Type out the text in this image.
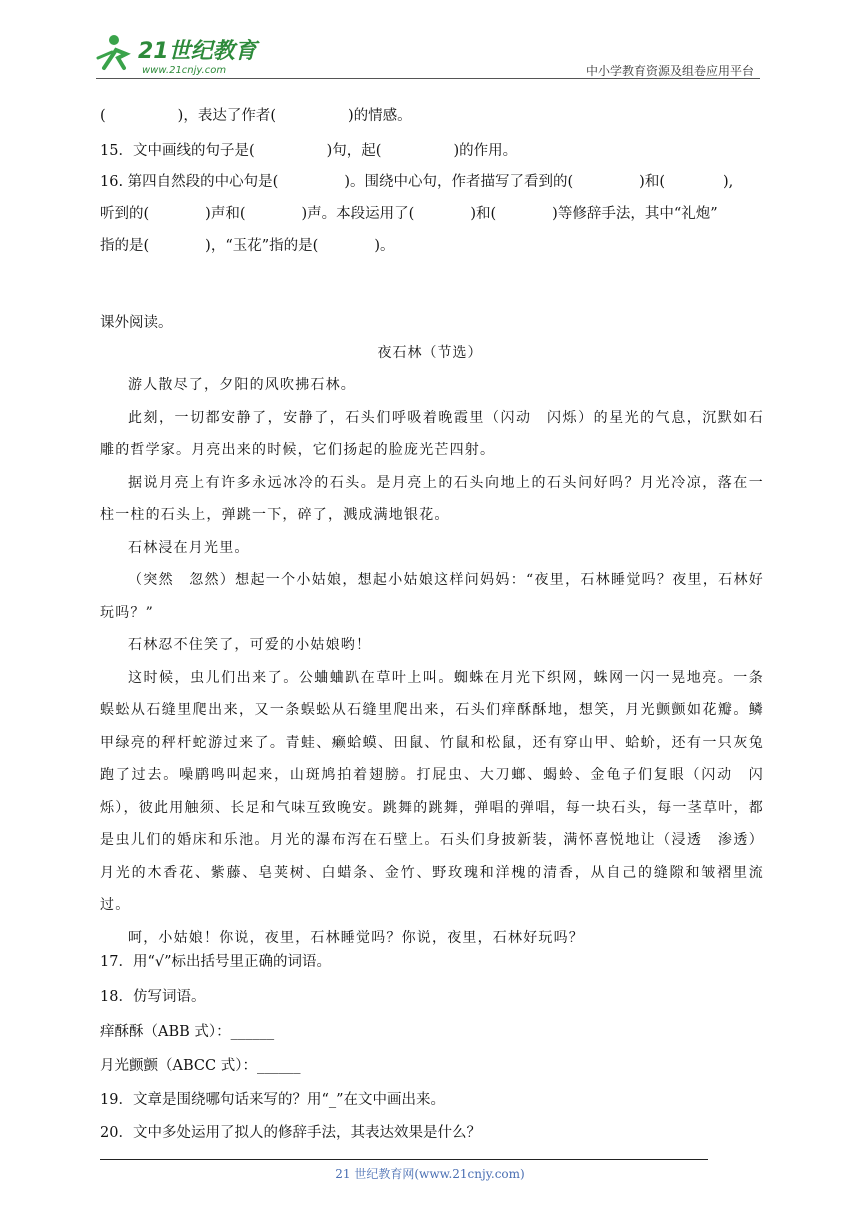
21世纪教育
www.21cnjy.com	中小学教育资源及组卷应用平台
(	)，表达了作者(	)的情感。
15．文中画线的句子是(	)句，起(	)的作用。
16. 第四自然段的中心句是(	)。围绕中心句，作者描写了看到的(	)和(	),
听到的(	)声和(	)声。本段运用了(	)和(	)等修辞手法，其中“礼炮”
指的是(	)，“玉花”指的是(	)。
课外阅读。
夜石林（节选）

游人散尽了，夕阳的风吹拂石林。

此刻，一切都安静了，安静了，石头们呼吸着晚霞里（闪动　闪烁）的星光的气息，沉默如石雕的哲学家。月亮出来的时候，它们扬起的脸庞光芒四射。

据说月亮上有许多永远冰冷的石头。是月亮上的石头向地上的石头问好吗？月光冷凉，落在一柱一柱的石头上，弹跳一下，碎了，溅成满地银花。

石林浸在月光里。

（突然　忽然）想起一个小姑娘，想起小姑娘这样问妈妈：“夜里，石林睡觉吗？夜里，石林好玩吗？”

石林忍不住笑了，可爱的小姑娘哟！

这时候，虫儿们出来了。公蛐蛐趴在草叶上叫。蜘蛛在月光下织网，蛛网一闪一晃地亮。一条蜈蚣从石缝里爬出来，又一条蜈蚣从石缝里爬出来，石头们痒酥酥地，想笑，月光颤颤如花瓣。鳞甲绿亮的秤杆蛇游过来了。青蛙、癞蛤蟆、田鼠、竹鼠和松鼠，还有穿山甲、蛤蚧，还有一只灰兔跑了过去。噪鹛鸣叫起来，山斑鸠拍着翅膀。打屁虫、大刀螂、蝎蛉、金龟子们复眼（闪动　闪烁），彼此用触须、长足和气味互致晚安。跳舞的跳舞，弹唱的弹唱，每一块石头，每一茎草叶，都是虫儿们的婚床和乐池。月光的瀑布泻在石壁上。石头们身披新装，满怀喜悦地让（浸透　渗透）月光的木香花、紫藤、皂荚树、白蜡条、金竹、野玫瑰和洋槐的清香，从自己的缝隙和皱褶里流过。

呵，小姑娘！你说，夜里，石林睡觉吗？你说，夜里，石林好玩吗？

17．用“√”标出括号里正确的词语。
18．仿写词语。
痒酥酥（ABB 式）：______
月光颤颤（ABCC 式）：______
19．文章是围绕哪句话来写的？用“_”在文中画出来。
20．文中多处运用了拟人的修辞手法，其表达效果是什么？
21 世纪教育网(www.21cnjy.com)
